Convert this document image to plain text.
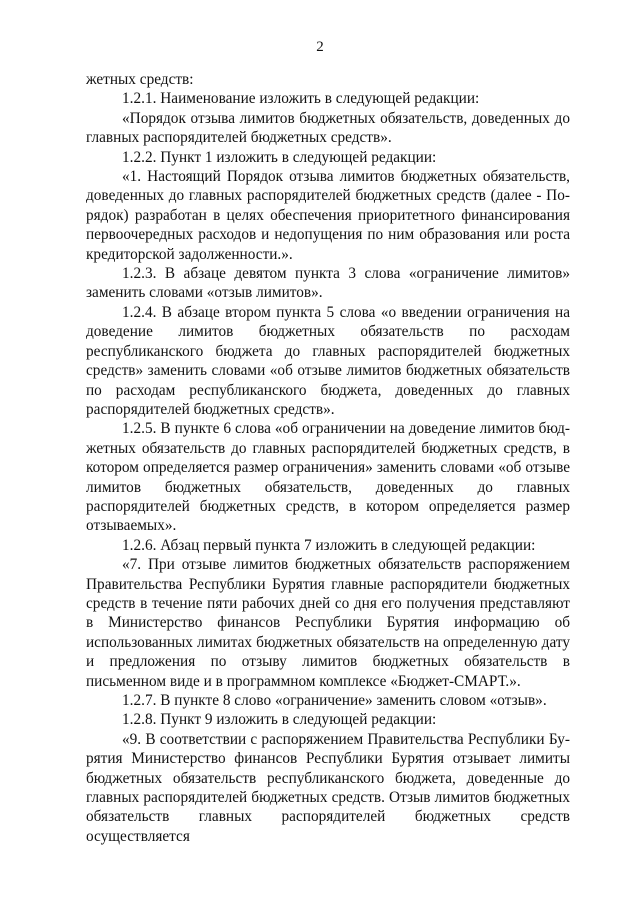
2

жетных средств:

1.2.1. Наименование изложить в следующей редакции:

«Порядок отзыва лимитов бюджетных обязательств, доведенных до главных распорядителей бюджетных средств».

1.2.2. Пункт 1 изложить в следующей редакции:

«1. Настоящий Порядок отзыва лимитов бюджетных обязательств, доведенных до главных распорядителей бюджетных средств (далее - Порядок) разработан в целях обеспечения приоритетного финансирования первоочередных расходов и недопущения по ним образования или роста кредиторской задолженности.».

1.2.3. В абзаце девятом пункта 3 слова «ограничение лимитов» заменить словами «отзыв лимитов».

1.2.4. В абзаце втором пункта 5 слова «о введении ограничения на доведение лимитов бюджетных обязательств по расходам республиканского бюджета до главных распорядителей бюджетных средств» заменить словами «об отзыве лимитов бюджетных обязательств по расходам республиканского бюджета, доведенных до главных распорядителей бюджетных средств».

1.2.5. В пункте 6 слова «об ограничении на доведение лимитов бюджетных обязательств до главных распорядителей бюджетных средств, в котором определяется размер ограничения» заменить словами «об отзыве лимитов бюджетных обязательств, доведенных до главных распорядителей бюджетных средств, в котором определяется размер отзываемых».

1.2.6. Абзац первый пункта 7 изложить в следующей редакции:

«7. При отзыве лимитов бюджетных обязательств распоряжением Правительства Республики Бурятия главные распорядители бюджетных средств в течение пяти рабочих дней со дня его получения представляют в Министерство финансов Республики Бурятия информацию об использованных лимитах бюджетных обязательств на определенную дату и предложения по отзыву лимитов бюджетных обязательств в письменном виде и в программном комплексе «Бюджет-СМАРТ.».

1.2.7. В пункте 8 слово «ограничение» заменить словом «отзыв».

1.2.8. Пункт 9 изложить в следующей редакции:

«9. В соответствии с распоряжением Правительства Республики Бурятия Министерство финансов Республики Бурятия отзывает лимиты бюджетных обязательств республиканского бюджета, доведенные до главных распорядителей бюджетных средств. Отзыв лимитов бюджетных обязательств главных распорядителей бюджетных средств осуществляется
